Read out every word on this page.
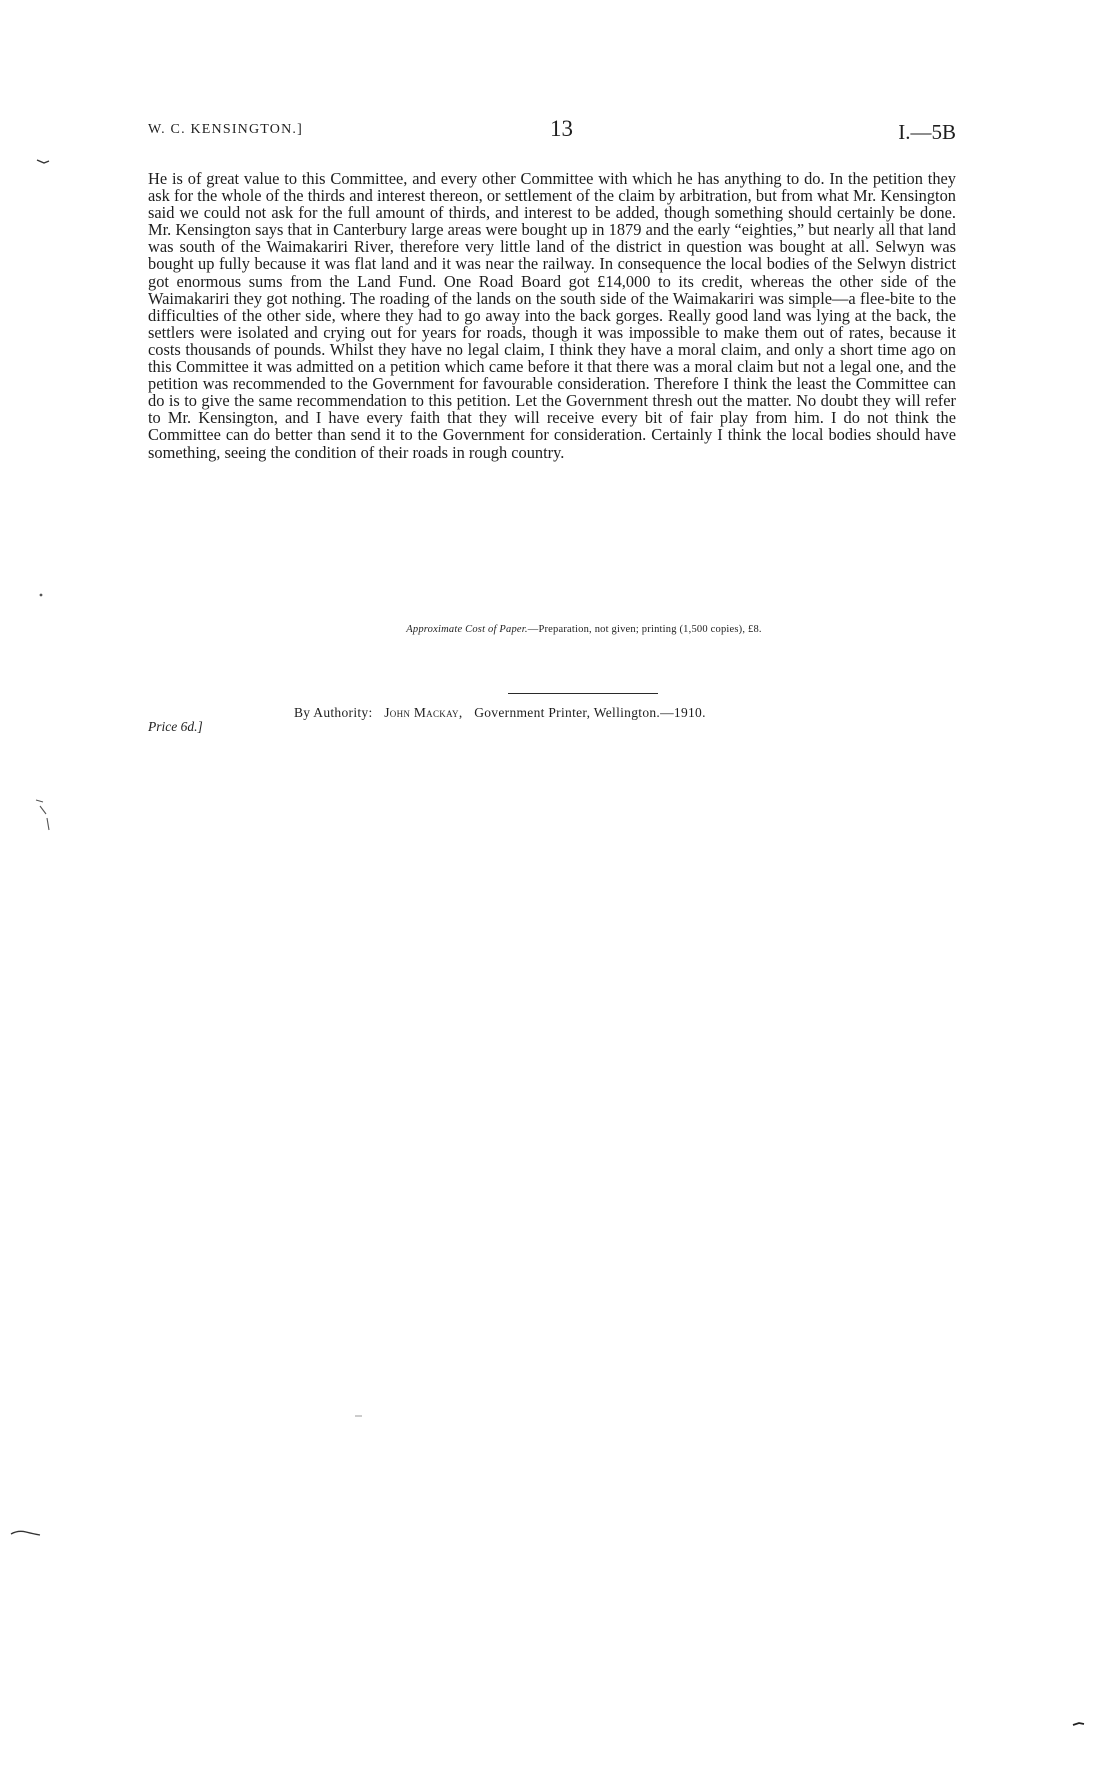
W. C. KENSINGTON.]	13	I.—5B

He is of great value to this Committee, and every other Committee with which he has anything to do. In the petition they ask for the whole of the thirds and interest thereon, or settlement of the claim by arbitration, but from what Mr. Kensington said we could not ask for the full amount of thirds, and interest to be added, though something should certainly be done. Mr. Kensington says that in Canterbury large areas were bought up in 1879 and the early “eighties,” but nearly all that land was south of the Waimakariri River, therefore very little land of the district in question was bought at all. Selwyn was bought up fully because it was flat land and it was near the railway. In consequence the local bodies of the Selwyn district got enormous sums from the Land Fund. One Road Board got £14,000 to its credit, whereas the other side of the Waimakariri they got nothing. The roading of the lands on the south side of the Waimakariri was simple—a flee-bite to the difficulties of the other side, where they had to go away into the back gorges. Really good land was lying at the back, the settlers were isolated and crying out for years for roads, though it was impossible to make them out of rates, because it costs thousands of pounds. Whilst they have no legal claim, I think they have a moral claim, and only a short time ago on this Committee it was admitted on a petition which came before it that there was a moral claim but not a legal one, and the petition was recommended to the Government for favourable consideration. Therefore I think the least the Committee can do is to give the same recommendation to this petition. Let the Government thresh out the matter. No doubt they will refer to Mr. Kensington, and I have every faith that they will receive every bit of fair play from him. I do not think the Committee can do better than send it to the Government for consideration. Certainly I think the local bodies should have something, seeing the condition of their roads in rough country.

Approximate Cost of Paper.—Preparation, not given; printing (1,500 copies), £8.
By Authority: John Mackay, Government Printer, Wellington.—1910.
Price 6d.]
